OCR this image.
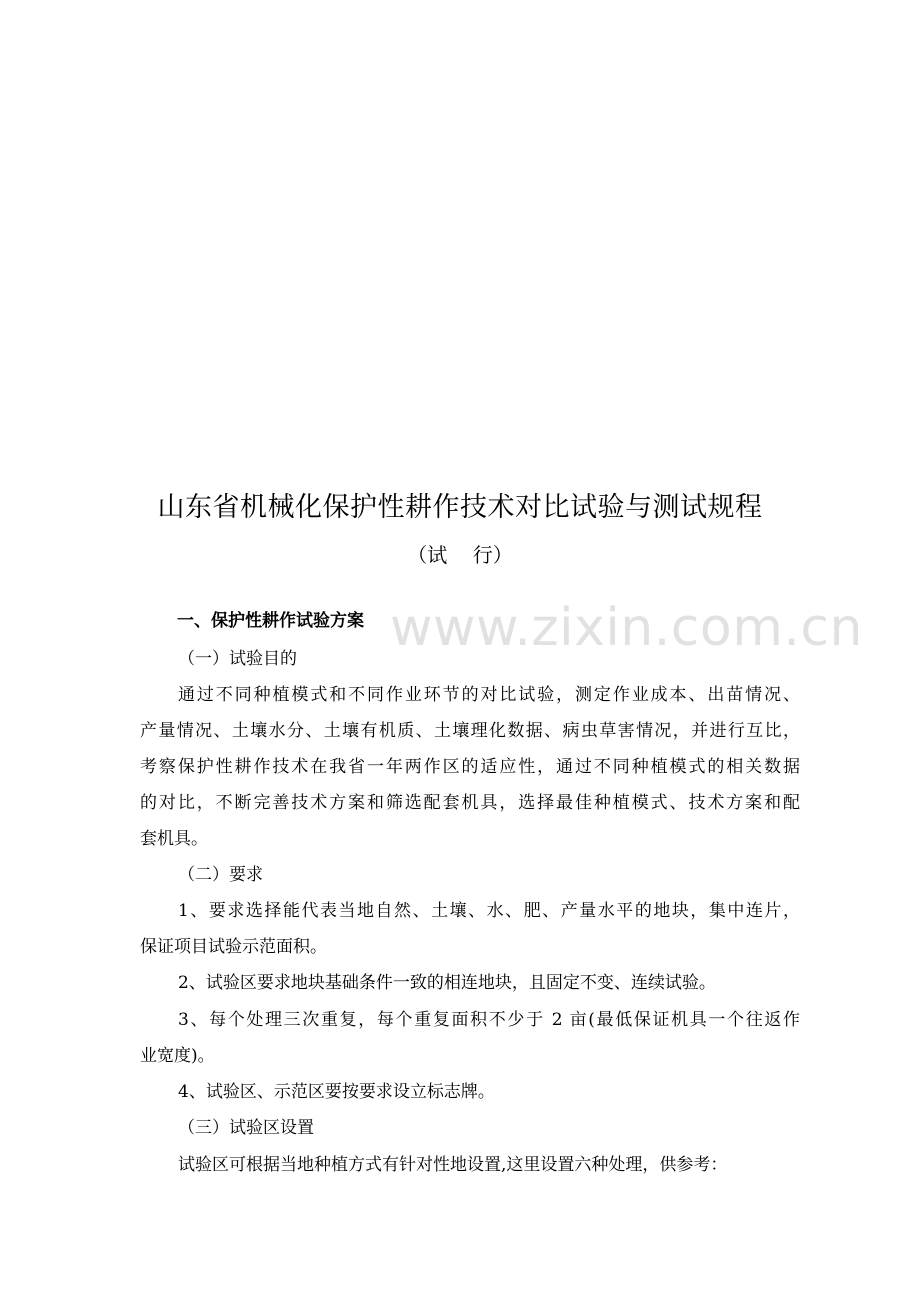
www.zixin.com.cn
山东省机械化保护性耕作技术对比试验与测试规程
（试    行）
一、保护性耕作试验方案
（一）试验目的
通过不同种植模式和不同作业环节的对比试验，测定作业成本、出苗情况、
产量情况、土壤水分、土壤有机质、土壤理化数据、病虫草害情况，并进行互比，
考察保护性耕作技术在我省一年两作区的适应性，通过不同种植模式的相关数据
的对比，不断完善技术方案和筛选配套机具，选择最佳种植模式、技术方案和配
套机具。
（二）要求
1、要求选择能代表当地自然、土壤、水、肥、产量水平的地块，集中连片，
保证项目试验示范面积。
2、试验区要求地块基础条件一致的相连地块，且固定不变、连续试验。
3、每个处理三次重复，每个重复面积不少于 2 亩(最低保证机具一个往返作
业宽度)。
4、试验区、示范区要按要求设立标志牌。
（三）试验区设置
试验区可根据当地种植方式有针对性地设置,这里设置六种处理，供参考：
